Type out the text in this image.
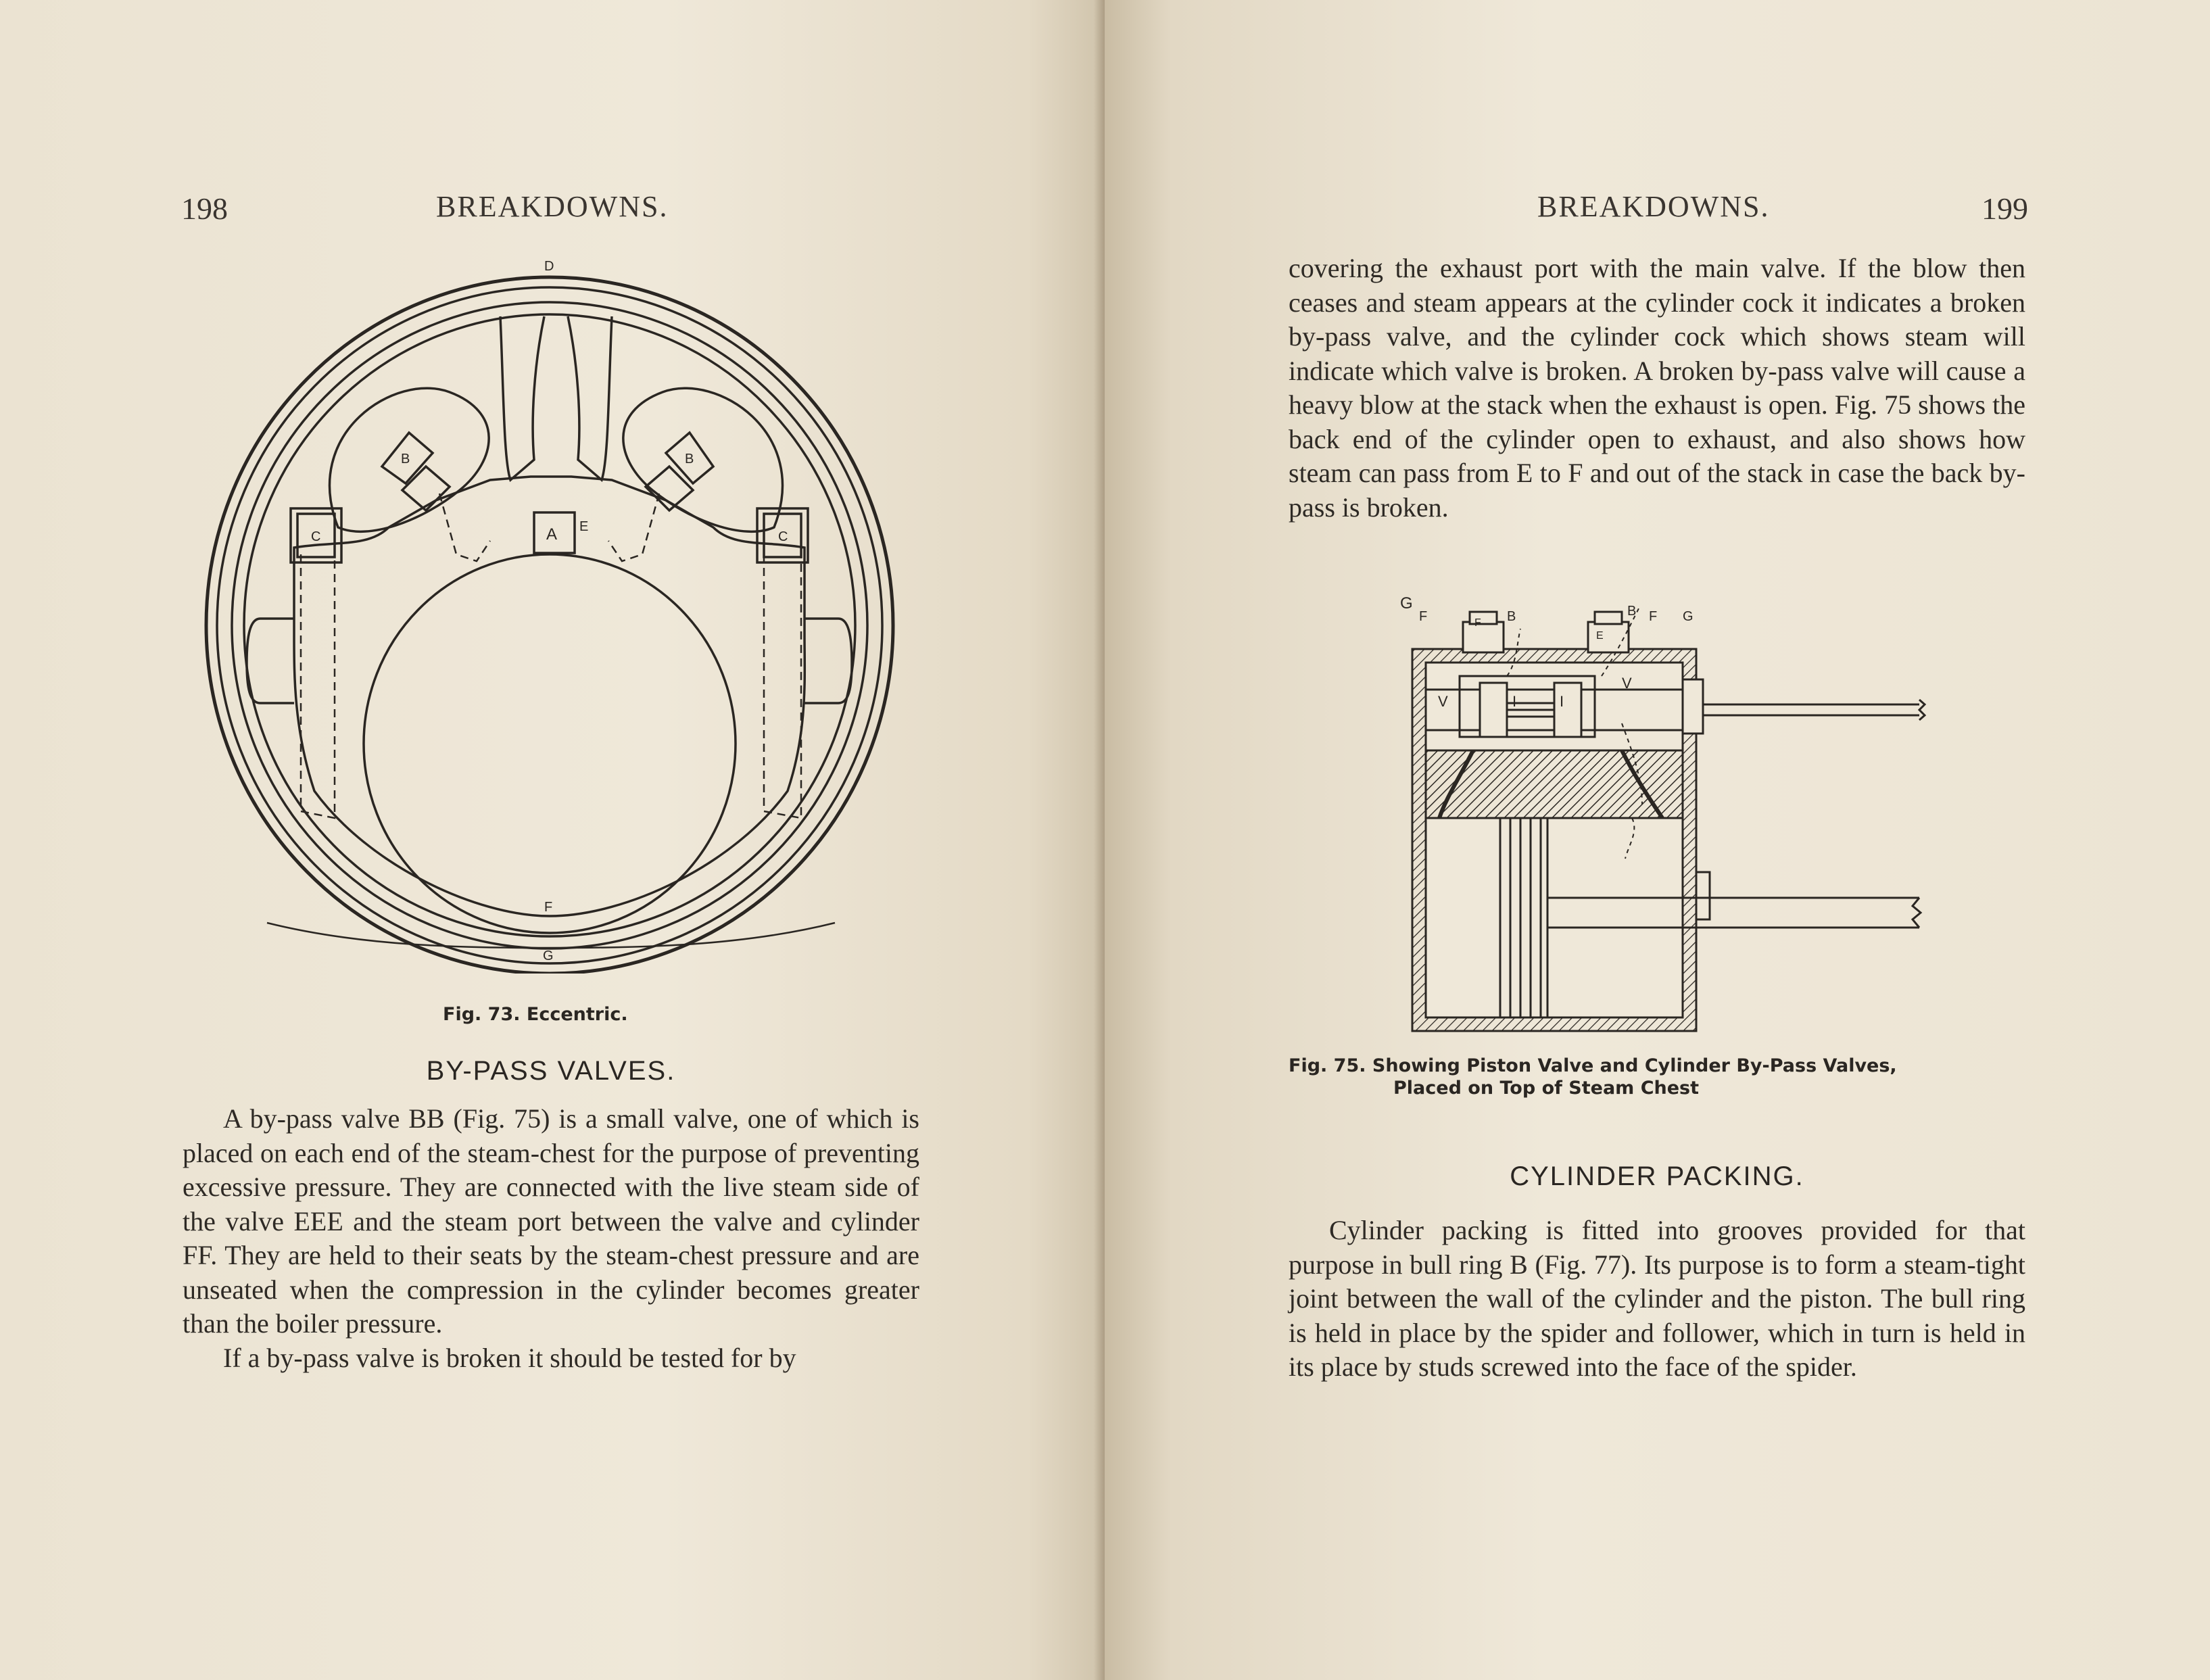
198	BREAKDOWNS.
D
F
G
A E
B	B
C	C
Fig. 73. Eccentric.
BY-PASS VALVES.

A by-pass valve BB (Fig. 75) is a small valve, one of which is placed on each end of the steam-chest for the purpose of preventing excessive pressure. They are connected with the live steam side of the valve EEE and the steam port between the valve and cylinder FF. They are held to their seats by the steam-chest pressure and are unseated when the compression in the cylinder becomes greater than the boiler pressure.

If a by-pass valve is broken it should be tested for by

BREAKDOWNS.	199

covering the exhaust port with the main valve. If the blow then ceases and steam appears at the cylinder cock it indicates a broken by-pass valve, and the cylinder cock which shows steam will indicate which valve is broken. A broken by-pass valve will cause a heavy blow at the stack when the exhaust is open. Fig. 75 shows the back end of the cylinder open to exhaust, and also shows how steam can pass from E to F and out of the stack in case the back by-pass is broken.

G
F	F B	B
E
F G
V	I	I
V
Fig. 75. Showing Piston Valve and Cylinder By-Pass Valves,
Placed on Top of Steam Chest
CYLINDER PACKING.

Cylinder packing is fitted into grooves provided for that purpose in bull ring B (Fig. 77). Its purpose is to form a steam-tight joint between the wall of the cylinder and the piston. The bull ring is held in place by the spider and follower, which in turn is held in its place by studs screwed into the face of the spider.
